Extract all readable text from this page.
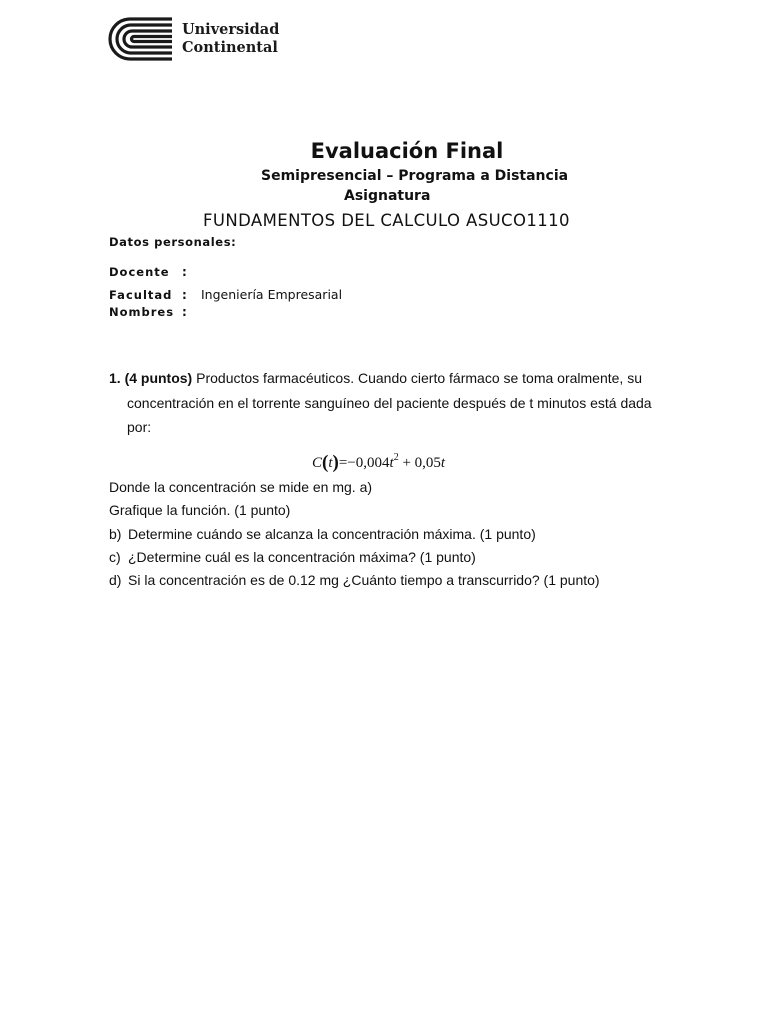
Universidad
Continental
Evaluación Final
Semipresencial – Programa a Distancia
Asignatura
FUNDAMENTOS DEL CALCULO ASUCO1110
Datos personales:
Docente :
Facultad : Ingeniería Empresarial
Nombres :
1. (4 puntos) Productos farmacéuticos. Cuando cierto fármaco se toma oralmente, su
concentración en el torrente sanguíneo del paciente después de t minutos está dada
por:
$C(t)=-0,004t^2 + 0,05t$
Donde la concentración se mide en mg. a)
Grafique la función. (1 punto)
b) Determine cuándo se alcanza la concentración máxima. (1 punto)
c) ¿Determine cuál es la concentración máxima? (1 punto)
d) Si la concentración es de 0.12 mg ¿Cuánto tiempo a transcurrido? (1 punto)
